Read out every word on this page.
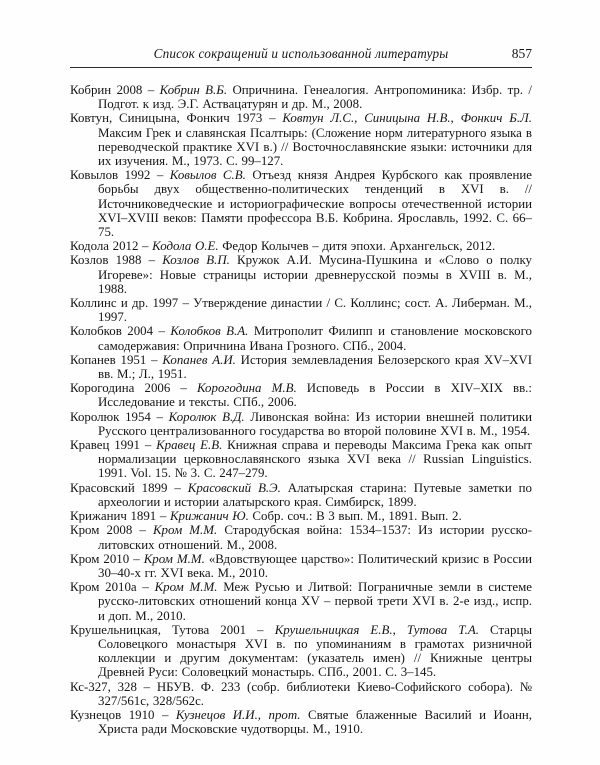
Список сокращений и использованной литературы	857

Кобрин 2008 – Кобрин В.Б. Опричнина. Генеалогия. Антропоминика: Избр. тр. / Подгот. к изд. Э.Г. Аствацатурян и др. М., 2008.

Ковтун, Синицына, Фонкич 1973 – Ковтун Л.С., Синицына Н.В., Фонкич Б.Л. Максим Грек и славянская Псалтырь: (Сложение норм литературного языка в переводческой практике XVI в.) // Восточнославянские языки: источники для их изучения. М., 1973. С. 99–127.

Ковылов 1992 – Ковылов С.В. Отъезд князя Андрея Курбского как проявление борьбы двух общественно-политических тенденций в XVI в. // Источниковедческие и историографические вопросы отечественной истории XVI–XVIII веков: Памяти профессора В.Б. Кобрина. Ярославль, 1992. С. 66–75.

Кодола 2012 – Кодола О.Е. Федор Колычев – дитя эпохи. Архангельск, 2012.

Козлов 1988 – Козлов В.П. Кружок А.И. Мусина-Пушкина и «Слово о полку Игореве»: Новые страницы истории древнерусской поэмы в XVIII в. М., 1988.

Коллинс и др. 1997 – Утверждение династии / С. Коллинс; сост. А. Либерман. М., 1997.

Колобков 2004 – Колобков В.А. Митрополит Филипп и становление московского самодержавия: Опричнина Ивана Грозного. СПб., 2004.

Копанев 1951 – Копанев А.И. История землевладения Белозерского края XV–XVI вв. М.; Л., 1951.

Корогодина 2006 – Корогодина М.В. Исповедь в России в XIV–XIX вв.: Исследование и тексты. СПб., 2006.

Королюк 1954 – Королюк В.Д. Ливонская война: Из истории внешней политики Русского централизованного государства во второй половине XVI в. М., 1954.

Кравец 1991 – Кравец Е.В. Книжная справа и переводы Максима Грека как опыт нормализации церковнославянского языка XVI века // Russian Linguistics. 1991. Vol. 15. № 3. С. 247–279.

Красовский 1899 – Красовский В.Э. Алатырская старина: Путевые заметки по археологии и истории алатырского края. Симбирск, 1899.

Крижанич 1891 – Крижанич Ю. Собр. соч.: В 3 вып. М., 1891. Вып. 2.

Кром 2008 – Кром М.М. Стародубская война: 1534–1537: Из истории русско-литовских отношений. М., 2008.

Кром 2010 – Кром М.М. «Вдовствующее царство»: Политический кризис в России 30–40-х гг. XVI века. М., 2010.

Кром 2010а – Кром М.М. Меж Русью и Литвой: Пограничные земли в системе русско-литовских отношений конца XV – первой трети XVI в. 2-е изд., испр. и доп. М., 2010.

Крушельницкая, Тутова 2001 – Крушельницкая Е.В., Тутова Т.А. Старцы Соловецкого монастыря XVI в. по упоминаниям в грамотах ризничной коллекции и другим документам: (указатель имен) // Книжные центры Древней Руси: Соловецкий монастырь. СПб., 2001. С. 3–145.

Кс-327, 328 – НБУВ. Ф. 233 (собр. библиотеки Киево-Софийского собора). № 327/561с, 328/562с.

Кузнецов 1910 – Кузнецов И.И., прот. Святые блаженные Василий и Иоанн, Христа ради Московские чудотворцы. М., 1910.
